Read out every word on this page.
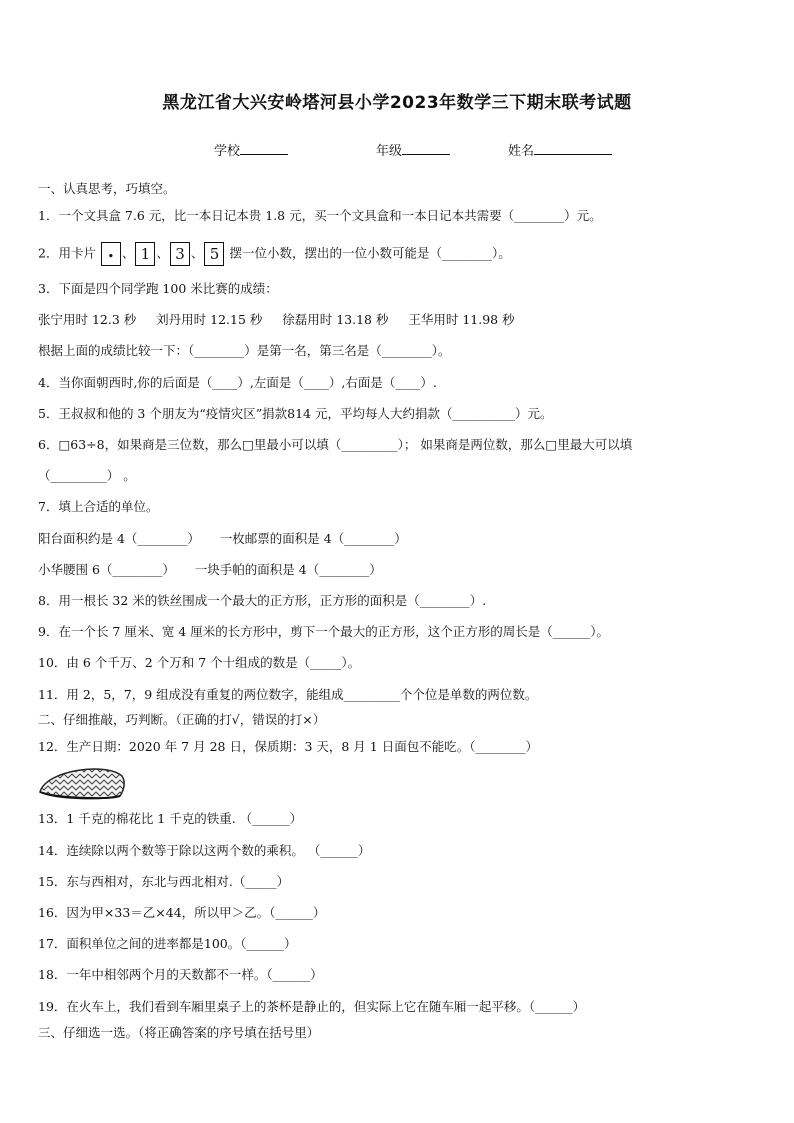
黑龙江省大兴安岭塔河县小学2023年数学三下期末联考试题
学校	年级	姓名
一、认真思考，巧填空。
1．一个文具盒 7.6 元，比一本日记本贵 1.8 元，买一个文具盒和一本日记本共需要（________）元。
2．用卡片 . 、 1 、 3 、 5 摆一位小数，摆出的一位小数可能是（________）。
3．下面是四个同学跑 100 米比赛的成绩：
张宁用时 12.3 秒     刘丹用时 12.15 秒     徐磊用时 13.18 秒     王华用时 11.98 秒
根据上面的成绩比较一下：（________）是第一名，第三名是（________）。
4．当你面朝西时,你的后面是（____）,左面是（____）,右面是（____）.
5．王叔叔和他的 3 个朋友为“疫情灾区”捐款814 元，平均每人大约捐款（__________）元。
6．□63÷8，如果商是三位数，那么□里最小可以填（_________）； 如果商是两位数，那么□里最大可以填
（_________） 。
7．填上合适的单位。
阳台面积约是 4（________）     一枚邮票的面积是 4（________）
小华腰围 6（________）     一块手帕的面积是 4（________）
8．用一根长 32 米的铁丝围成一个最大的正方形，正方形的面积是（________）.
9．在一个长 7 厘米、宽 4 厘米的长方形中，剪下一个最大的正方形，这个正方形的周长是（______）。
10．由 6 个千万、2 个万和 7 个十组成的数是（_____）。
11．用 2，5，7，9 组成没有重复的两位数字，能组成_________个个位是单数的两位数。
二、仔细推敲，巧判断。（正确的打√，错误的打×）
12．生产日期：2020 年 7 月 28 日，保质期：3 天，8 月 1 日面包不能吃。（________）
13．1 千克的棉花比 1 千克的铁重. （______）
14．连续除以两个数等于除以这两个数的乘积。 （______）
15．东与西相对，东北与西北相对.（_____）
16．因为甲×33＝乙×44，所以甲＞乙。（______）
17．面积单位之间的进率都是100。（______）
18．一年中相邻两个月的天数都不一样。（______）
19．在火车上，我们看到车厢里桌子上的茶杯是静止的，但实际上它在随车厢一起平移。（______）
三、仔细选一选。（将正确答案的序号填在括号里）
